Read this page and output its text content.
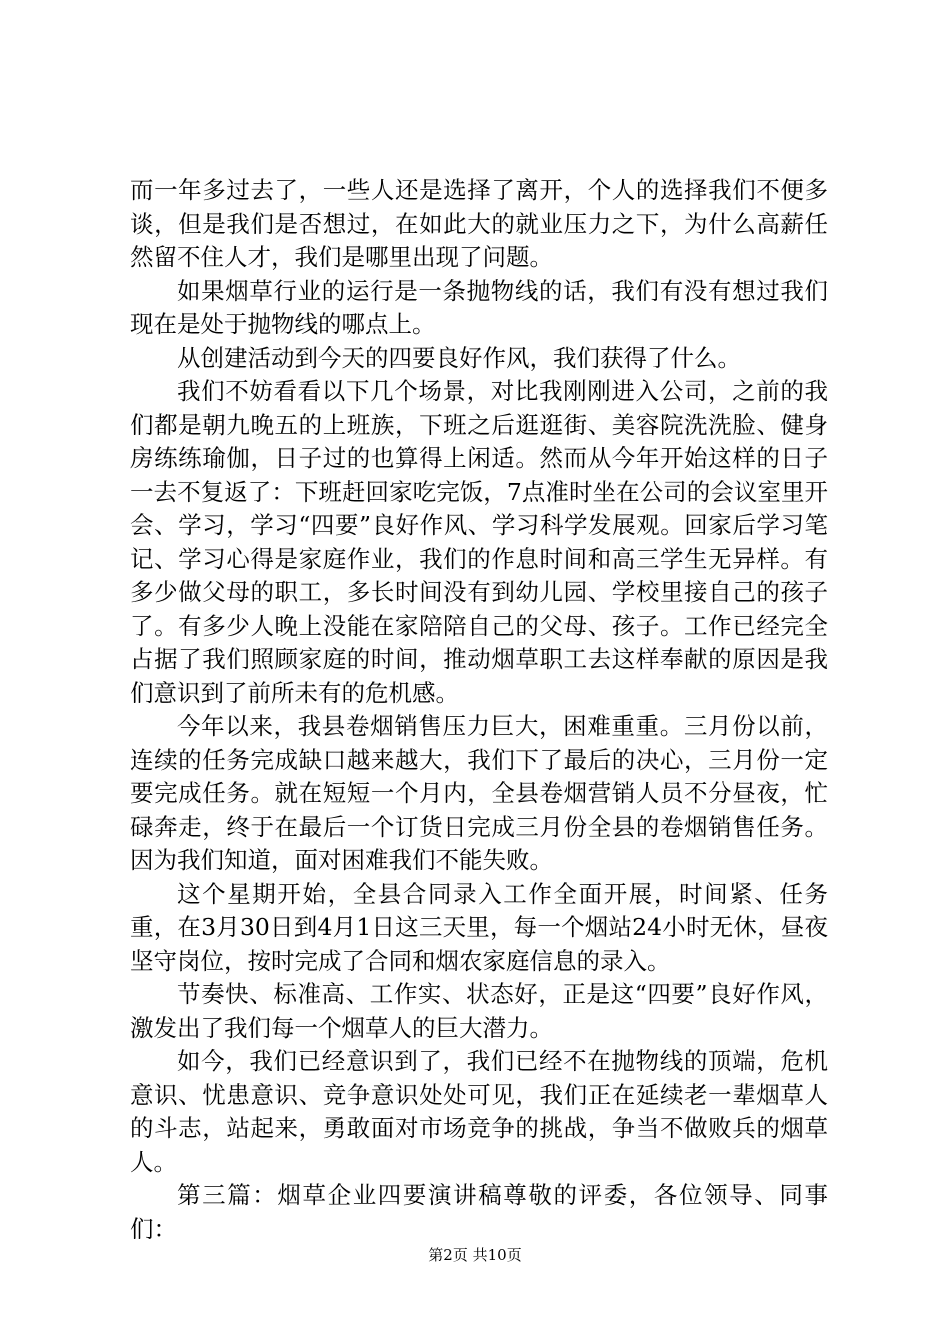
而一年多过去了，一些人还是选择了离开，个人的选择我们不便多谈，但是我们是否想过，在如此大的就业压力之下，为什么高薪任然留不住人才，我们是哪里出现了问题。

如果烟草行业的运行是一条抛物线的话，我们有没有想过我们现在是处于抛物线的哪点上。

从创建活动到今天的四要良好作风，我们获得了什么。

我们不妨看看以下几个场景，对比我刚刚进入公司，之前的我们都是朝九晚五的上班族，下班之后逛逛街、美容院洗洗脸、健身房练练瑜伽，日子过的也算得上闲适。然而从今年开始这样的日子一去不复返了：下班赶回家吃完饭，7点准时坐在公司的会议室里开会、学习，学习“四要”良好作风、学习科学发展观。回家后学习笔记、学习心得是家庭作业，我们的作息时间和高三学生无异样。有多少做父母的职工，多长时间没有到幼儿园、学校里接自己的孩子了。有多少人晚上没能在家陪陪自己的父母、孩子。工作已经完全占据了我们照顾家庭的时间，推动烟草职工去这样奉献的原因是我们意识到了前所未有的危机感。

今年以来，我县卷烟销售压力巨大，困难重重。三月份以前，连续的任务完成缺口越来越大，我们下了最后的决心，三月份一定要完成任务。就在短短一个月内，全县卷烟营销人员不分昼夜，忙碌奔走，终于在最后一个订货日完成三月份全县的卷烟销售任务。因为我们知道，面对困难我们不能失败。

这个星期开始，全县合同录入工作全面开展，时间紧、任务重，在3月30日到4月1日这三天里，每一个烟站24小时无休，昼夜坚守岗位，按时完成了合同和烟农家庭信息的录入。

节奏快、标准高、工作实、状态好，正是这“四要”良好作风，激发出了我们每一个烟草人的巨大潜力。

如今，我们已经意识到了，我们已经不在抛物线的顶端，危机意识、忧患意识、竞争意识处处可见，我们正在延续老一辈烟草人的斗志，站起来，勇敢面对市场竞争的挑战，争当不做败兵的烟草人。

第三篇：烟草企业四要演讲稿尊敬的评委，各位领导、同事们：

第2页 共10页
